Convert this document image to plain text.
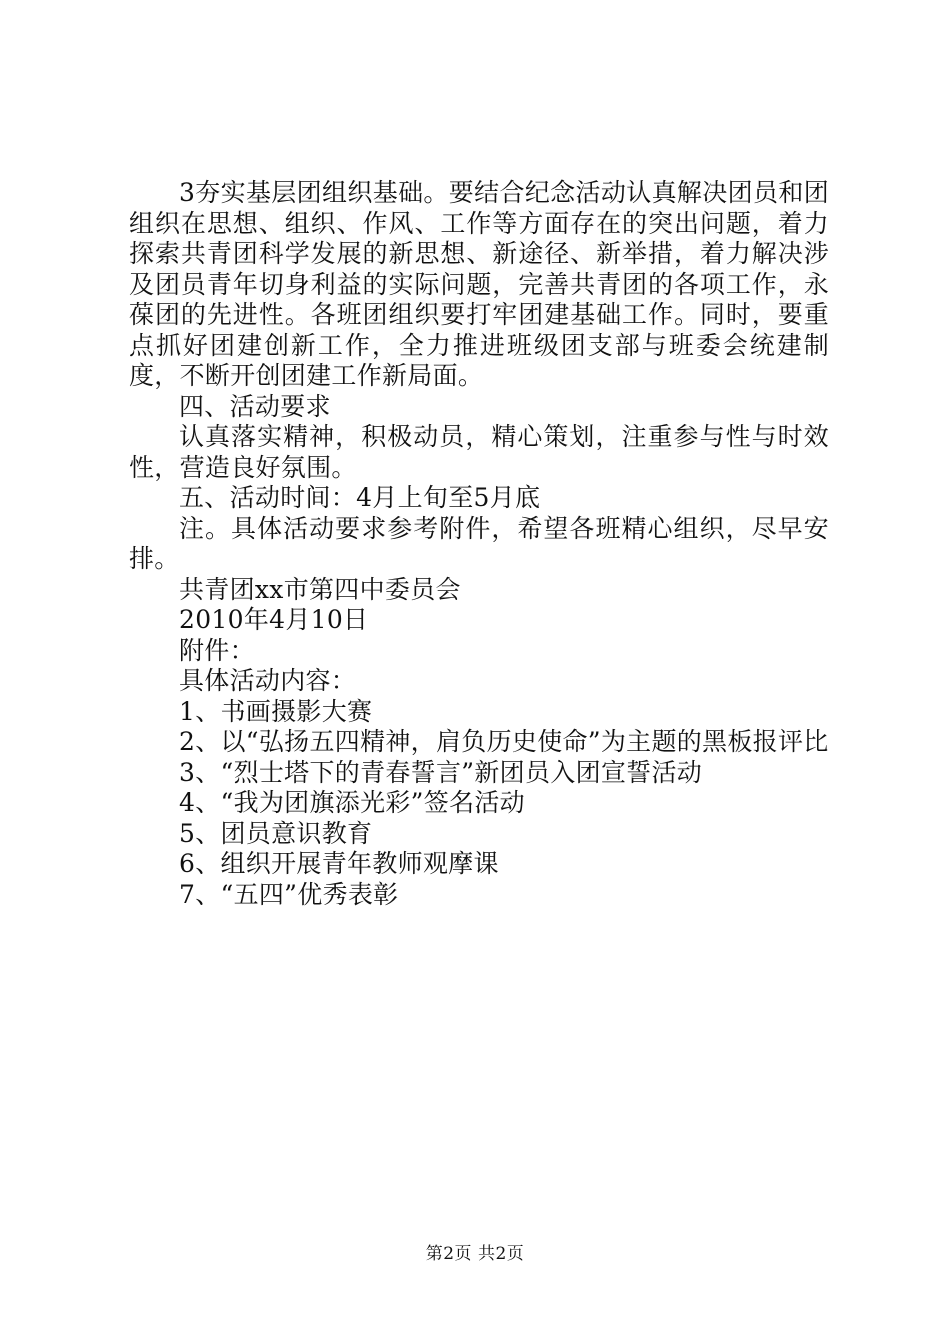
3夯实基层团组织基础。要结合纪念活动认真解决团员和团组织在思想、组织、作风、工作等方面存在的突出问题，着力探索共青团科学发展的新思想、新途径、新举措，着力解决涉及团员青年切身利益的实际问题，完善共青团的各项工作，永葆团的先进性。各班团组织要打牢团建基础工作。同时，要重点抓好团建创新工作，全力推进班级团支部与班委会统建制度，不断开创团建工作新局面。

四、活动要求

认真落实精神，积极动员，精心策划，注重参与性与时效性，营造良好氛围。

五、活动时间：4月上旬至5月底

注。具体活动要求参考附件，希望各班精心组织，尽早安排。

共青团xx市第四中委员会

2010年4月10日

附件：

具体活动内容：

1、书画摄影大赛

2、以“弘扬五四精神，肩负历史使命”为主题的黑板报评比

3、“烈士塔下的青春誓言”新团员入团宣誓活动

4、“我为团旗添光彩”签名活动

5、团员意识教育

6、组织开展青年教师观摩课

7、“五四”优秀表彰

第2页 共2页
